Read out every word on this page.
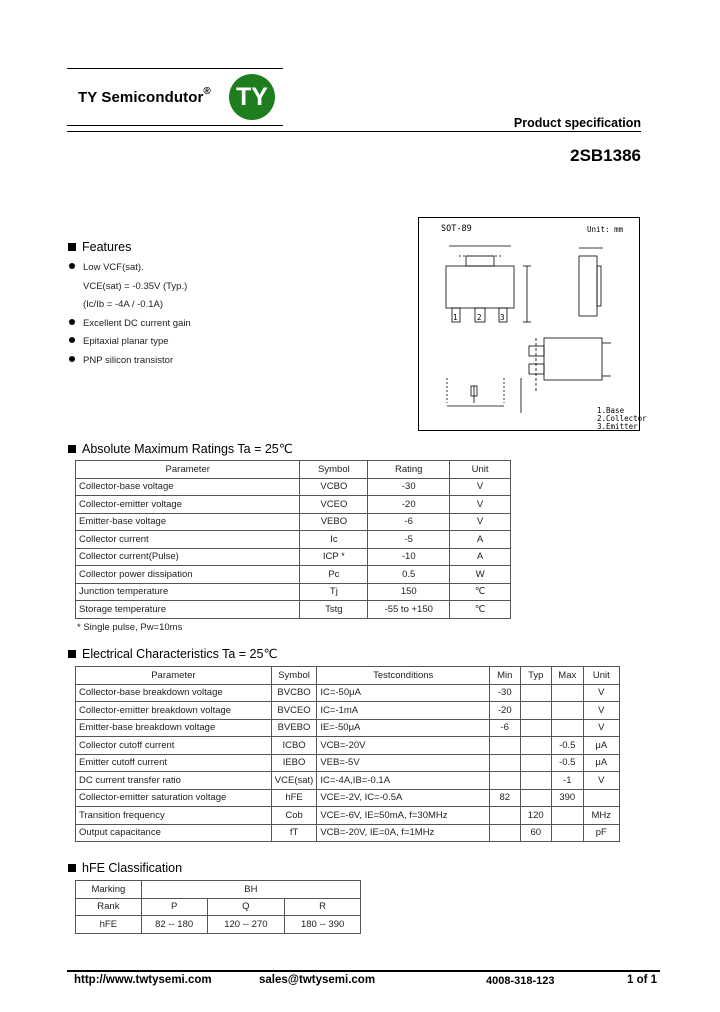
TY Semicondutor® TY
Product specification
2SB1386
Features
Low VCF(sat).
VCE(sat) = -0.35V (Typ.)
(Ic/Ib = -4A / -0.1A)
Excellent DC current gain
Epitaxial planar type
PNP silicon transistor
SOT-89	Unit: mm
1	2 3
1.Base
2.Collector
3.Emitter
Absolute Maximum Ratings Ta = 25℃
Parameter	Symbol	Rating	Unit
Collector-base voltage	VCBO	-30	V
Collector-emitter voltage	VCEO	-20	V
Emitter-base voltage	VEBO	-6	V
Collector current	Ic	-5	A
Collector current(Pulse)	ICP *	-10	A
Collector power dissipation	Pc	0.5	W
Junction temperature	Tj	150	℃
Storage temperature	Tstg	-55 to +150	℃
* Single pulse, Pw=10ms
Electrical Characteristics Ta = 25℃
Parameter	Symbol	Testconditions	Min	Typ	Max	Unit
Collector-base breakdown voltage	BVCBO	IC=-50μA	-30			V
Collector-emitter breakdown voltage	BVCEO	IC=-1mA	-20			V
Emitter-base breakdown voltage	BVEBO	IE=-50μA	-6			V
Collector cutoff current	ICBO	VCB=-20V			-0.5	μA
Emitter cutoff current	IEBO	VEB=-5V			-0.5	μA
DC current transfer ratio	VCE(sat)	IC=-4A,IB=-0.1A			-1	V
Collector-emitter saturation voltage	hFE	VCE=-2V, IC=-0.5A	82		390	
Transition frequency	Cob	VCE=-6V, IE=50mA, f=30MHz		120		MHz
Output capacitance	fT	VCB=-20V, IE=0A, f=1MHz		60		pF
hFE Classification
Marking	BH		
Rank	P	Q	R
hFE	82 -- 180	120 -- 270	180 -- 390
http://www.twtysemi.com	sales@twtysemi.com	4008-318-123	1 of 1
